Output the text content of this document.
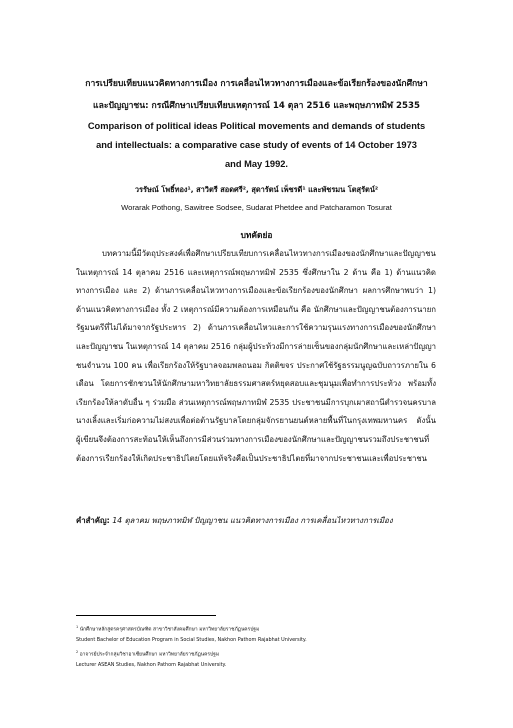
การเปรียบเทียบแนวคิดทางการเมือง การเคลื่อนไหวทางการเมืองและข้อเรียกร้องของนักศึกษา
และปัญญาชน: กรณีศึกษาเปรียบเทียบเหตุการณ์ 14 ตุลา 2516 และพฤษภาทมิฬ 2535
Comparison of political ideas Political movements and demands of students
and intellectuals: a comparative case study of events of 14 October 1973
and May 1992.
วรรัษณ์ โพธิ์ทอง¹, สาวิตรี สอดศรี², สุดารัตน์ เพ็ชรดี¹ และพัชรมน โตสุรัตน์²
Worarak Pothong, Sawitree Sodsee, Sudarat Phetdee and Patcharamon Tosurat
บทคัดย่อ

บทความนี้มีวัตถุประสงค์เพื่อศึกษาเปรียบเทียบการเคลื่อนไหวทางการเมืองของนักศึกษาและปัญญาชนในเหตุการณ์ 14 ตุลาคม 2516 และเหตุการณ์พฤษภาทมิฬ 2535 ซึ่งศึกษาใน 2 ด้าน คือ 1) ด้านแนวคิดทางการเมือง และ 2) ด้านการเคลื่อนไหวทางการเมืองและข้อเรียกร้องของนักศึกษา ผลการศึกษาพบว่า 1) ด้านแนวคิดทางการเมือง ทั้ง 2 เหตุการณ์มีความต้องการเหมือนกัน คือ นักศึกษาและปัญญาชนต้องการนายกรัฐมนตรีที่ไม่ได้มาจากรัฐประหาร 2) ด้านการเคลื่อนไหวและการใช้ความรุนแรงทางการเมืองของนักศึกษาและปัญญาชน ในเหตุการณ์ 14 ตุลาคม 2516 กลุ่มผู้ประท้วงมีการล่ายเซ็นของกลุ่มนักศึกษาและเหล่าปัญญาชนจำนวน 100 คน เพื่อเรียกร้องให้รัฐบาลจอมพลถนอม กิตติขจร ประกาศใช้รัฐธรรมนูญฉบับถาวรภายใน 6 เดือน โดยการชักชวนให้นักศึกษามหาวิทยาลัยธรรมศาสตร์หยุดสอบและชุมนุมเพื่อทำการประท้วง พร้อมทั้งเรียกร้องให้ลาดับอื่น ๆ ร่วมมือ ส่วนเหตุการณ์พฤษภาทมิฬ 2535 ประชาชนมีการบุกเผาสถานีตำรวจนครบาลนางเลิ้งและเริ่มก่อความไม่สงบเพื่อต่อต้านรัฐบาลโดยกลุ่มจักรยานยนต์หลายพื้นที่ในกรุงเทพมหานคร ดังนั้น ผู้เขียนจึงต้องการสะท้อนให้เห็นถึงการมีส่วนร่วมทางการเมืองของนักศึกษาและปัญญาชนรวมถึงประชาชนที่ต้องการเรียกร้องให้เกิดประชาธิปไตยโดยแท้จริงคือเป็นประชาธิปไตยที่มาจากประชาชนและเพื่อประชาชน

คำสำคัญ: 14 ตุลาคม พฤษภาทมิฬ ปัญญาชน แนวคิดทางการเมือง การเคลื่อนไหวทางการเมือง
$^1$ นักศึกษาหลักสูตรครุศาสตรบัณฑิต สาขาวิชาสังคมศึกษา มหาวิทยาลัยราชภัฏนครปฐม
Student Bachelor of Education Program in Social Studies, Nakhon Pathom Rajabhat University.
$^2$ อาจารย์ประจำกลุ่มวิชาอาเซียนศึกษา มหาวิทยาลัยราชภัฏนครปฐม
Lecturer ASEAN Studies, Nakhon Pathom Rajabhat University.
